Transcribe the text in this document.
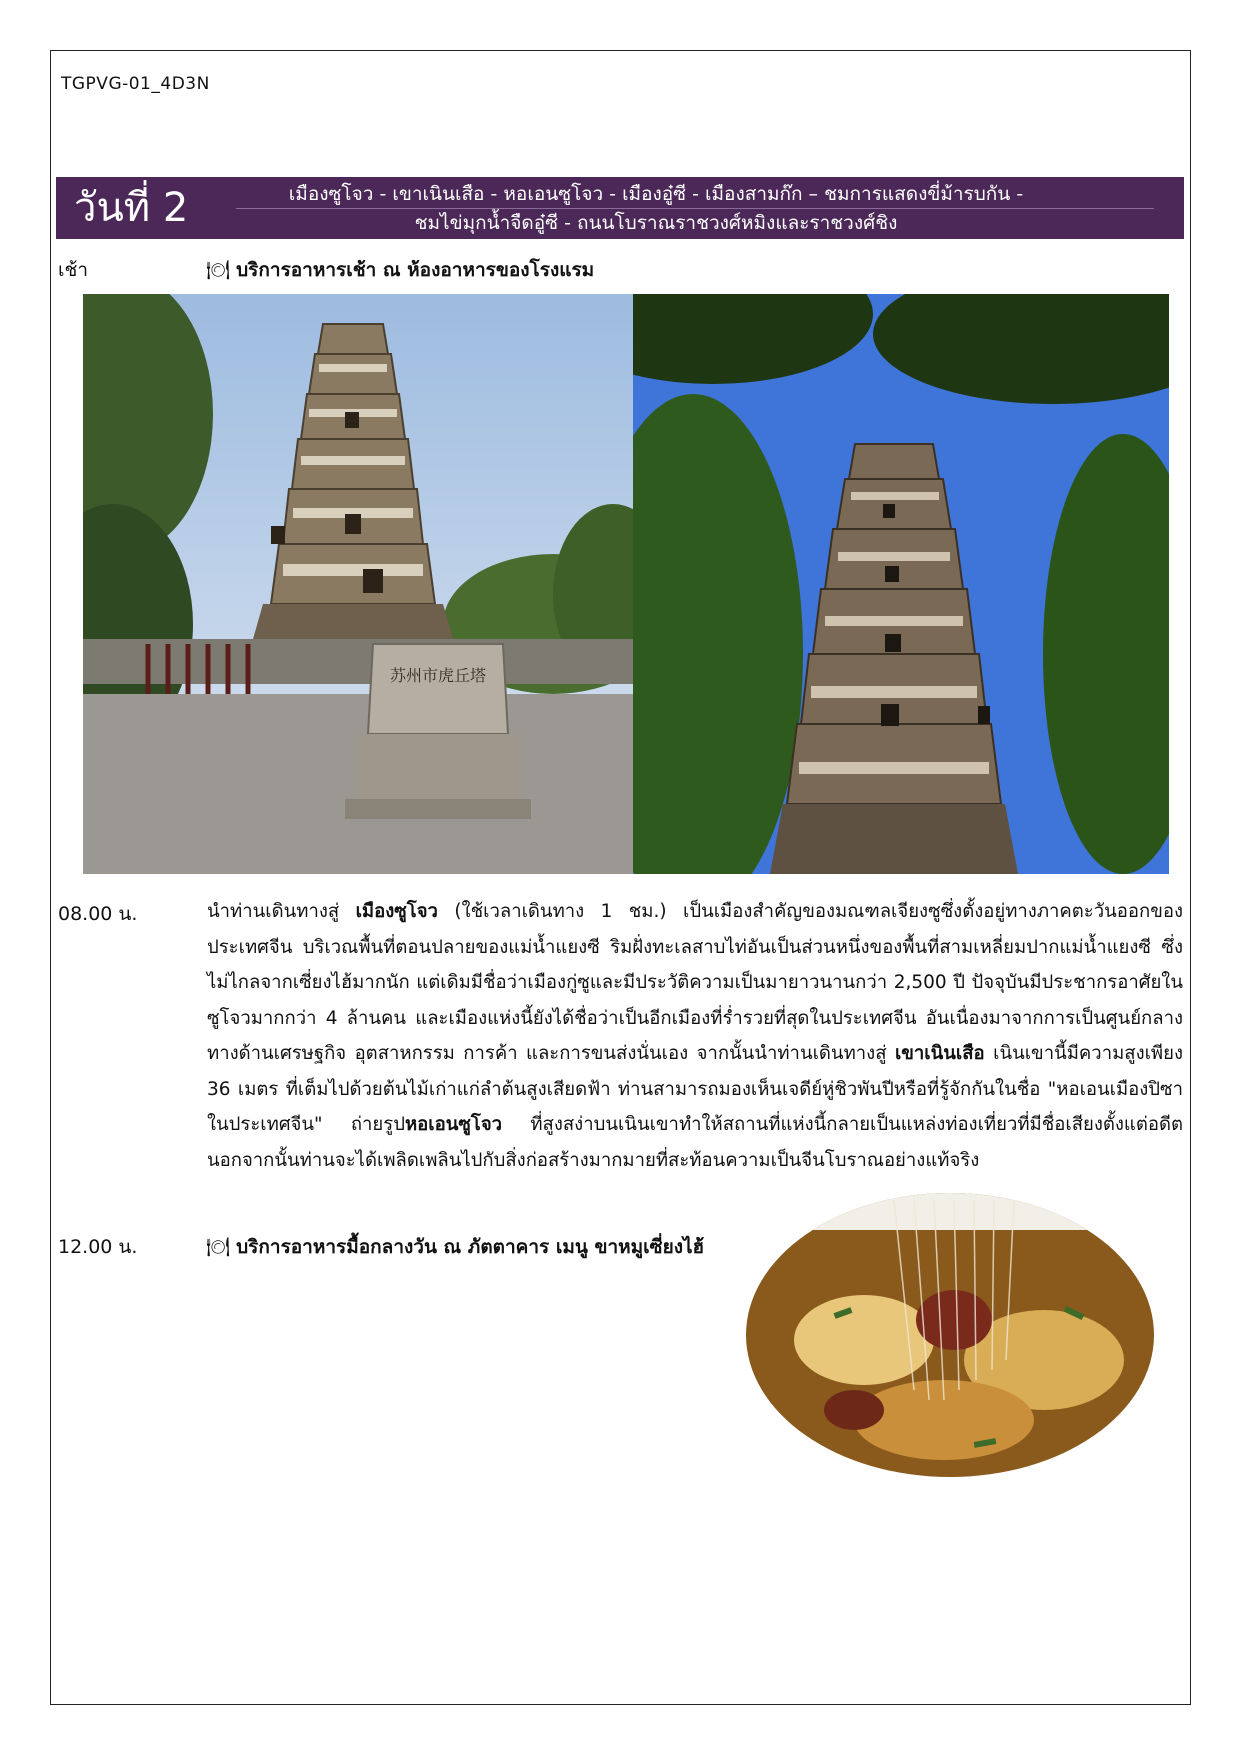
TGPVG-01_4D3N
วันที่ 2	เมืองซูโจว - เขาเนินเสือ - หอเอนซูโจว - เมืองอู๋ซี - เมืองสามก๊ก – ชมการแสดงขี่ม้ารบกัน -
ชมไข่มุกน้ำจืดอู๋ซี - ถนนโบราณราชวงศ์หมิงและราชวงศ์ชิง
เช้า	🍽 บริการอาหารเช้า ณ ห้องอาหารของโรงแรม
苏州市虎丘塔
08.00 น.	นำท่านเดินทางสู่ เมืองซูโจว (ใช้เวลาเดินทาง 1 ชม.) เป็นเมืองสำคัญของมณฑลเจียงซูซึ่งตั้งอยู่ทางภาคตะวันออกของประเทศจีน บริเวณพื้นที่ตอนปลายของแม่น้ำแยงซี ริมฝั่งทะเลสาบไท่อันเป็นส่วนหนึ่งของพื้นที่สามเหลี่ยมปากแม่น้ำแยงซี ซึ่งไม่ไกลจากเซี่ยงไฮ้มากนัก แต่เดิมมีชื่อว่าเมืองกู่ซูและมีประวัติความเป็นมายาวนานกว่า 2,500 ปี ปัจจุบันมีประชากรอาศัยในซูโจวมากกว่า 4 ล้านคน และเมืองแห่งนี้ยังได้ชื่อว่าเป็นอีกเมืองที่ร่ำรวยที่สุดในประเทศจีน อันเนื่องมาจากการเป็นศูนย์กลางทางด้านเศรษฐกิจ อุตสาหกรรม การค้า และการขนส่งนั่นเอง จากนั้นนำท่านเดินทางสู่ เขาเนินเสือ เนินเขานี้มีความสูงเพียง 36 เมตร ที่เต็มไปด้วยต้นไม้เก่าแก่ลำต้นสูงเสียดฟ้า ท่านสามารถมองเห็นเจดีย์หู่ชิวพันปีหรือที่รู้จักกันในชื่อ "หอเอนเมืองปิซาในประเทศจีน" ถ่ายรูปหอเอนซูโจว ที่สูงสง่าบนเนินเขาทำให้สถานที่แห่งนี้กลายเป็นแหล่งท่องเที่ยวที่มีชื่อเสียงตั้งแต่อดีตนอกจากนั้นท่านจะได้เพลิดเพลินไปกับสิ่งก่อสร้างมากมายที่สะท้อนความเป็นจีนโบราณอย่างแท้จริง
12.00 น.	🍽 บริการอาหารมื้อกลางวัน ณ ภัตตาคาร เมนู ขาหมูเซี่ยงไฮ้
